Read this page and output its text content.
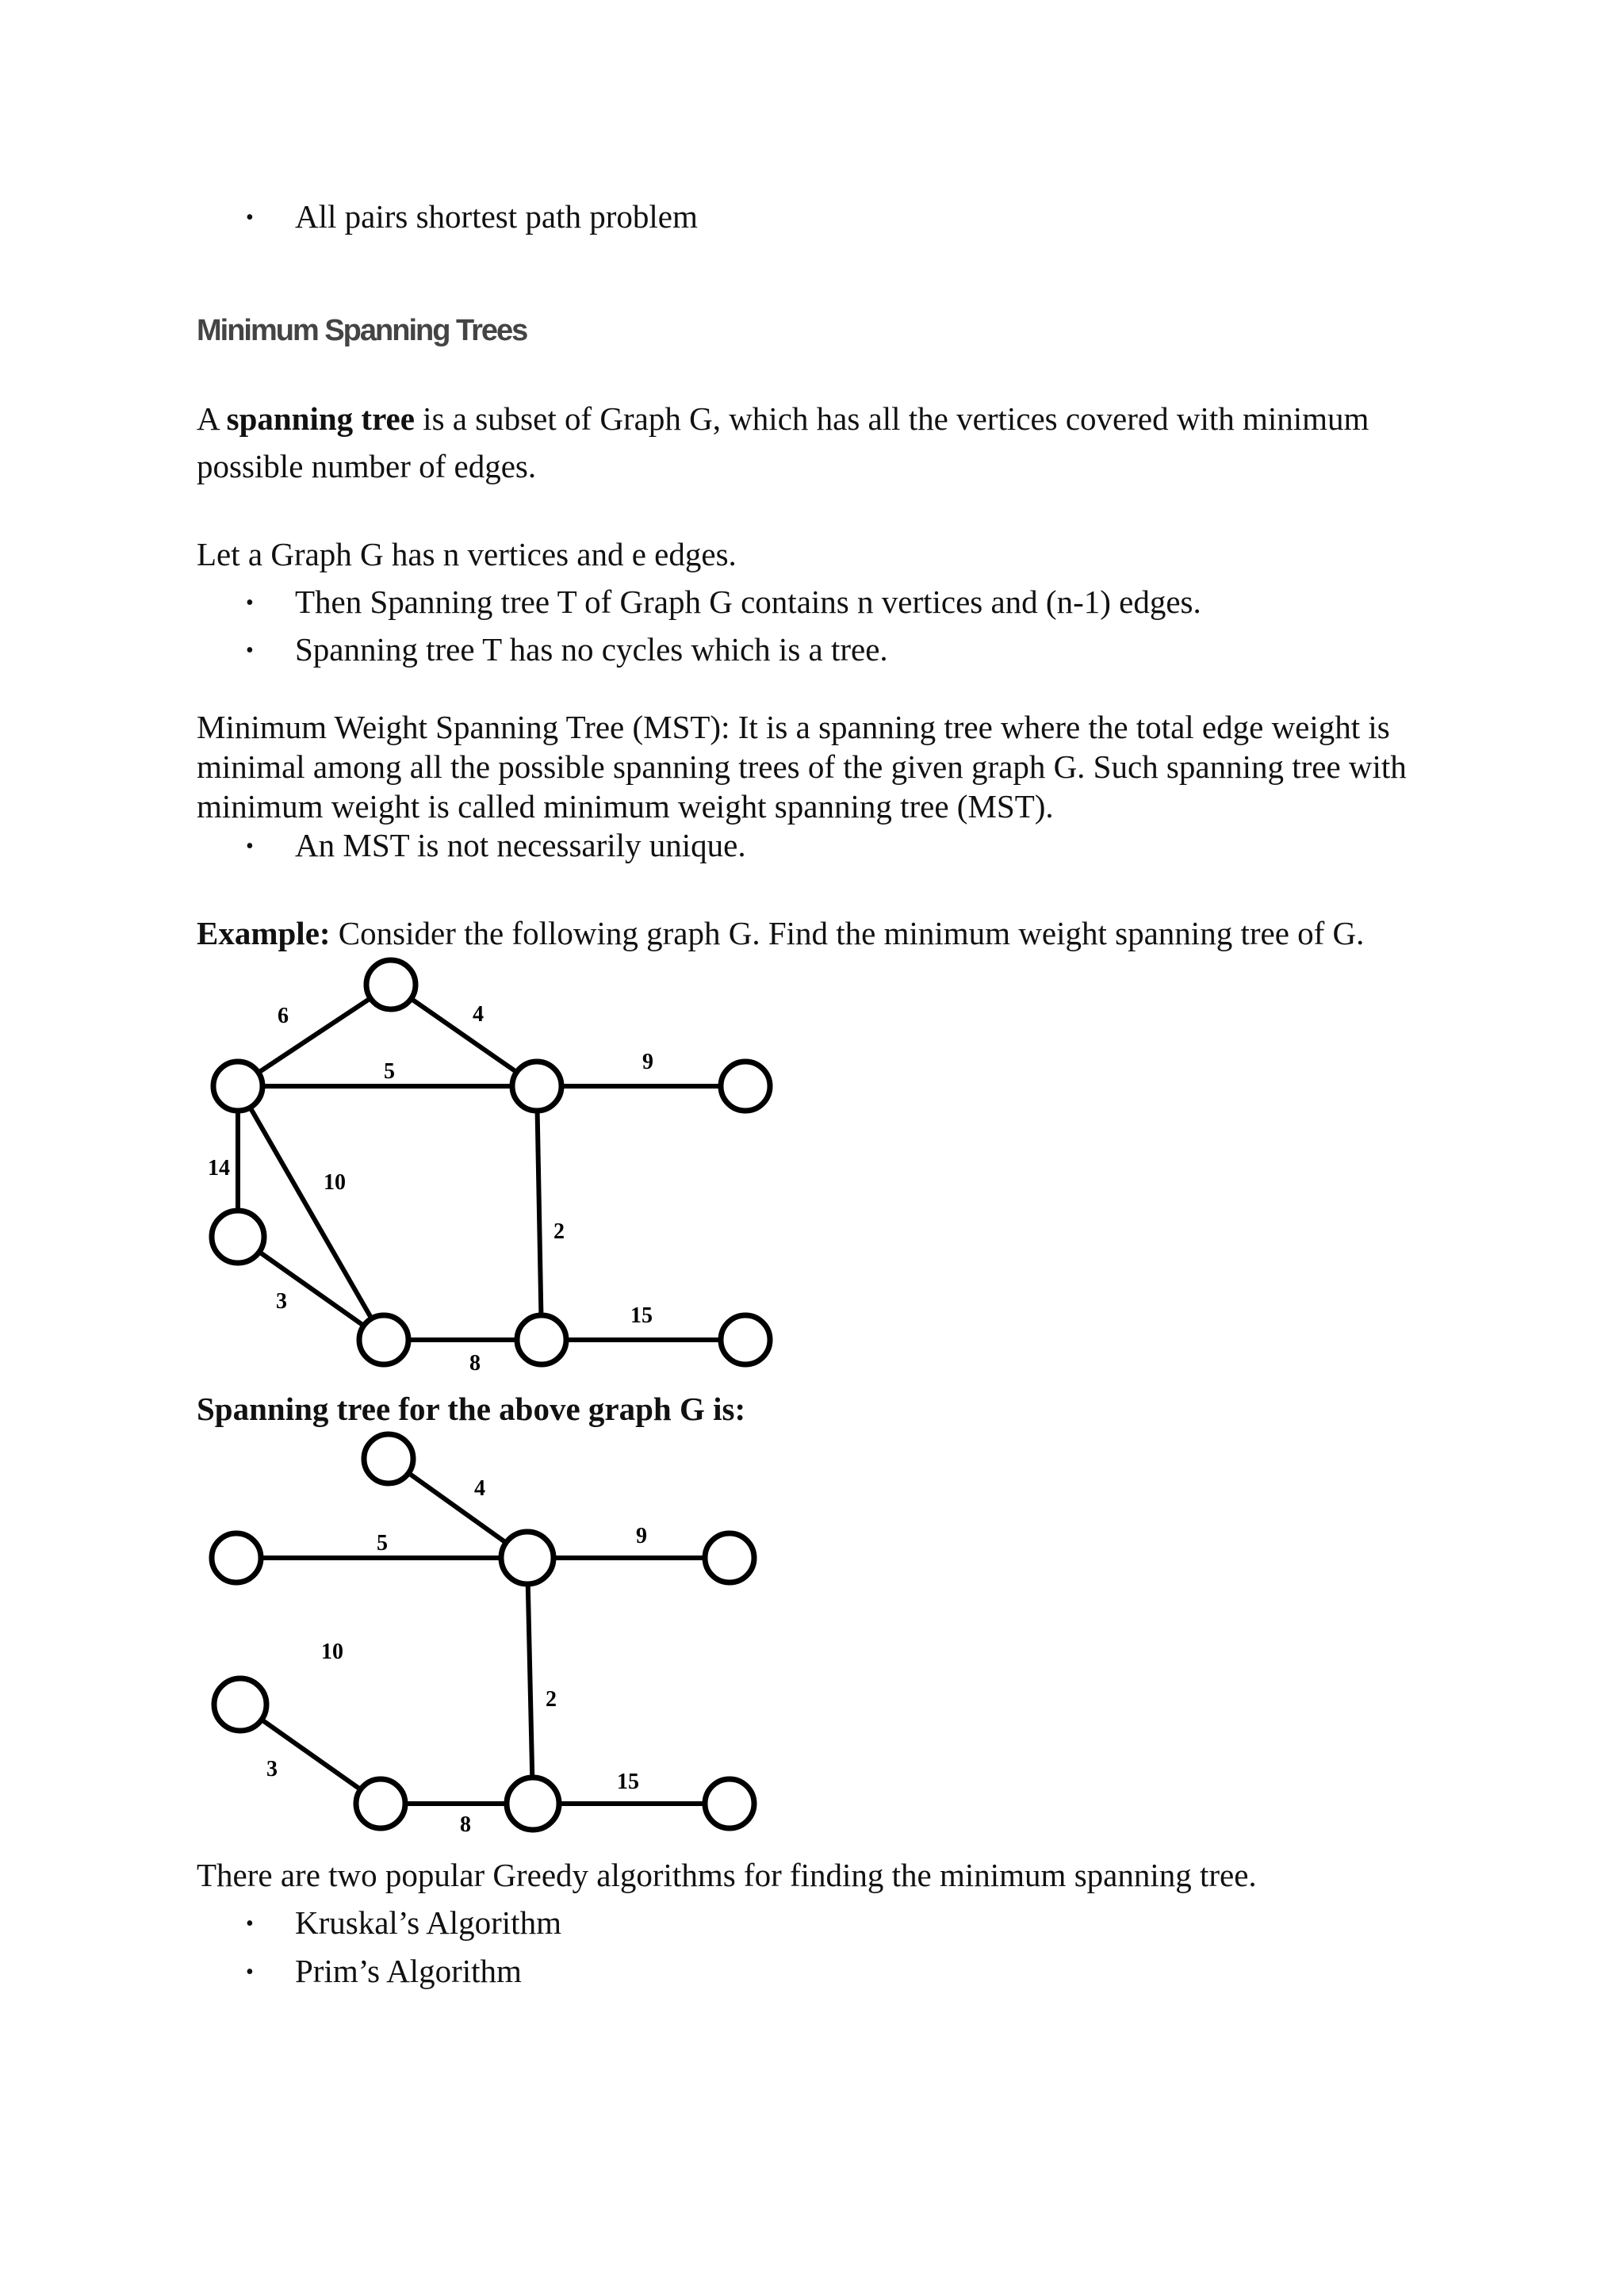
• All pairs shortest path problem
Minimum Spanning Trees
A spanning tree is a subset of Graph G, which has all the vertices covered with minimum
possible number of edges.
Let a Graph G has n vertices and e edges.
• Then Spanning tree T of Graph G contains n vertices and (n-1) edges.
• Spanning tree T has no cycles which is a tree.
Minimum Weight Spanning Tree (MST): It is a spanning tree where the total edge weight is
minimal among all the possible spanning trees of the given graph G. Such spanning tree with
minimum weight is called minimum weight spanning tree (MST).
• An MST is not necessarily unique.
Example: Consider the following graph G. Find the minimum weight spanning tree of G.
6	4
5	9
14
10
2
3
8
15
Spanning tree for the above graph G is:
4
5	9
10
2
3
8
15
There are two popular Greedy algorithms for finding the minimum spanning tree.
• Kruskal’s Algorithm
• Prim’s Algorithm
